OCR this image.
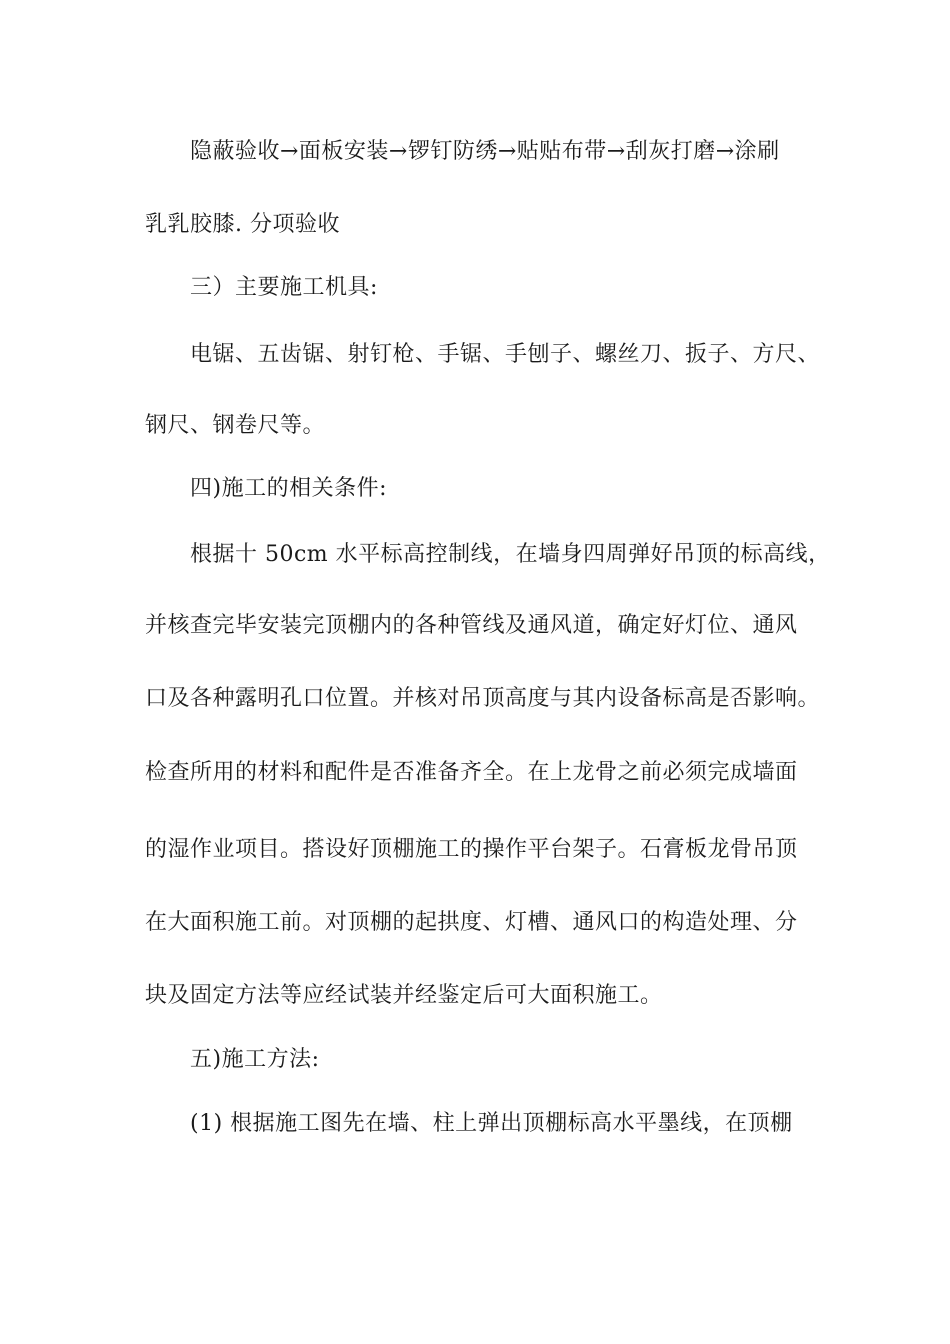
隐蔽验收→面板安装→锣钉防绣→贴贴布带→刮灰打磨→涂刷
乳乳胶膝. 分项验收
三）主要施工机具:
电锯、五齿锯、射钉枪、手锯、手刨子、螺丝刀、扳子、方尺、
钢尺、钢卷尺等。
四)施工的相关条件:
根据十 50cm 水平标高控制线，在墙身四周弹好吊顶的标高线，
并核查完毕安装完顶棚内的各种管线及通风道，确定好灯位、通风
口及各种露明孔口位置。并核对吊顶高度与其内设备标高是否影响。
检查所用的材料和配件是否准备齐全。在上龙骨之前必须完成墙面
的湿作业项目。搭设好顶棚施工的操作平台架子。石膏板龙骨吊顶
在大面积施工前。对顶棚的起拱度、灯槽、通风口的构造处理、分
块及固定方法等应经试装并经鉴定后可大面积施工。
五)施工方法:
(1) 根据施工图先在墙、柱上弹出顶棚标高水平墨线，在顶棚
